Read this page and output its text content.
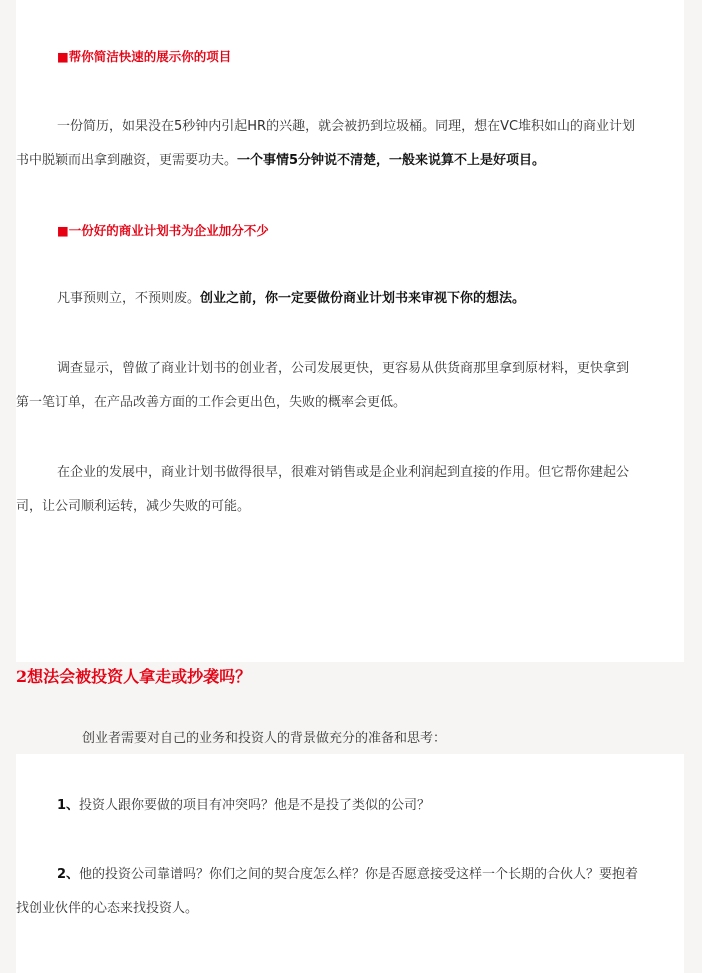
■帮你简洁快速的展示你的项目
一份简历，如果没在5秒钟内引起HR的兴趣，就会被扔到垃圾桶。同理，想在VC堆积如山的商业计划
书中脱颖而出拿到融资，更需要功夫。一个事情5分钟说不清楚，一般来说算不上是好项目。
■一份好的商业计划书为企业加分不少
凡事预则立，不预则废。创业之前，你一定要做份商业计划书来审视下你的想法。
调查显示，曾做了商业计划书的创业者，公司发展更快，更容易从供货商那里拿到原材料，更快拿到
第一笔订单，在产品改善方面的工作会更出色，失败的概率会更低。
在企业的发展中，商业计划书做得很早，很难对销售或是企业利润起到直接的作用。但它帮你建起公
司，让公司顺利运转，减少失败的可能。
2想法会被投资人拿走或抄袭吗？
创业者需要对自己的业务和投资人的背景做充分的准备和思考：
1、投资人跟你要做的项目有冲突吗？他是不是投了类似的公司？
2、他的投资公司靠谱吗？你们之间的契合度怎么样？你是否愿意接受这样一个长期的合伙人？要抱着
找创业伙伴的心态来找投资人。
